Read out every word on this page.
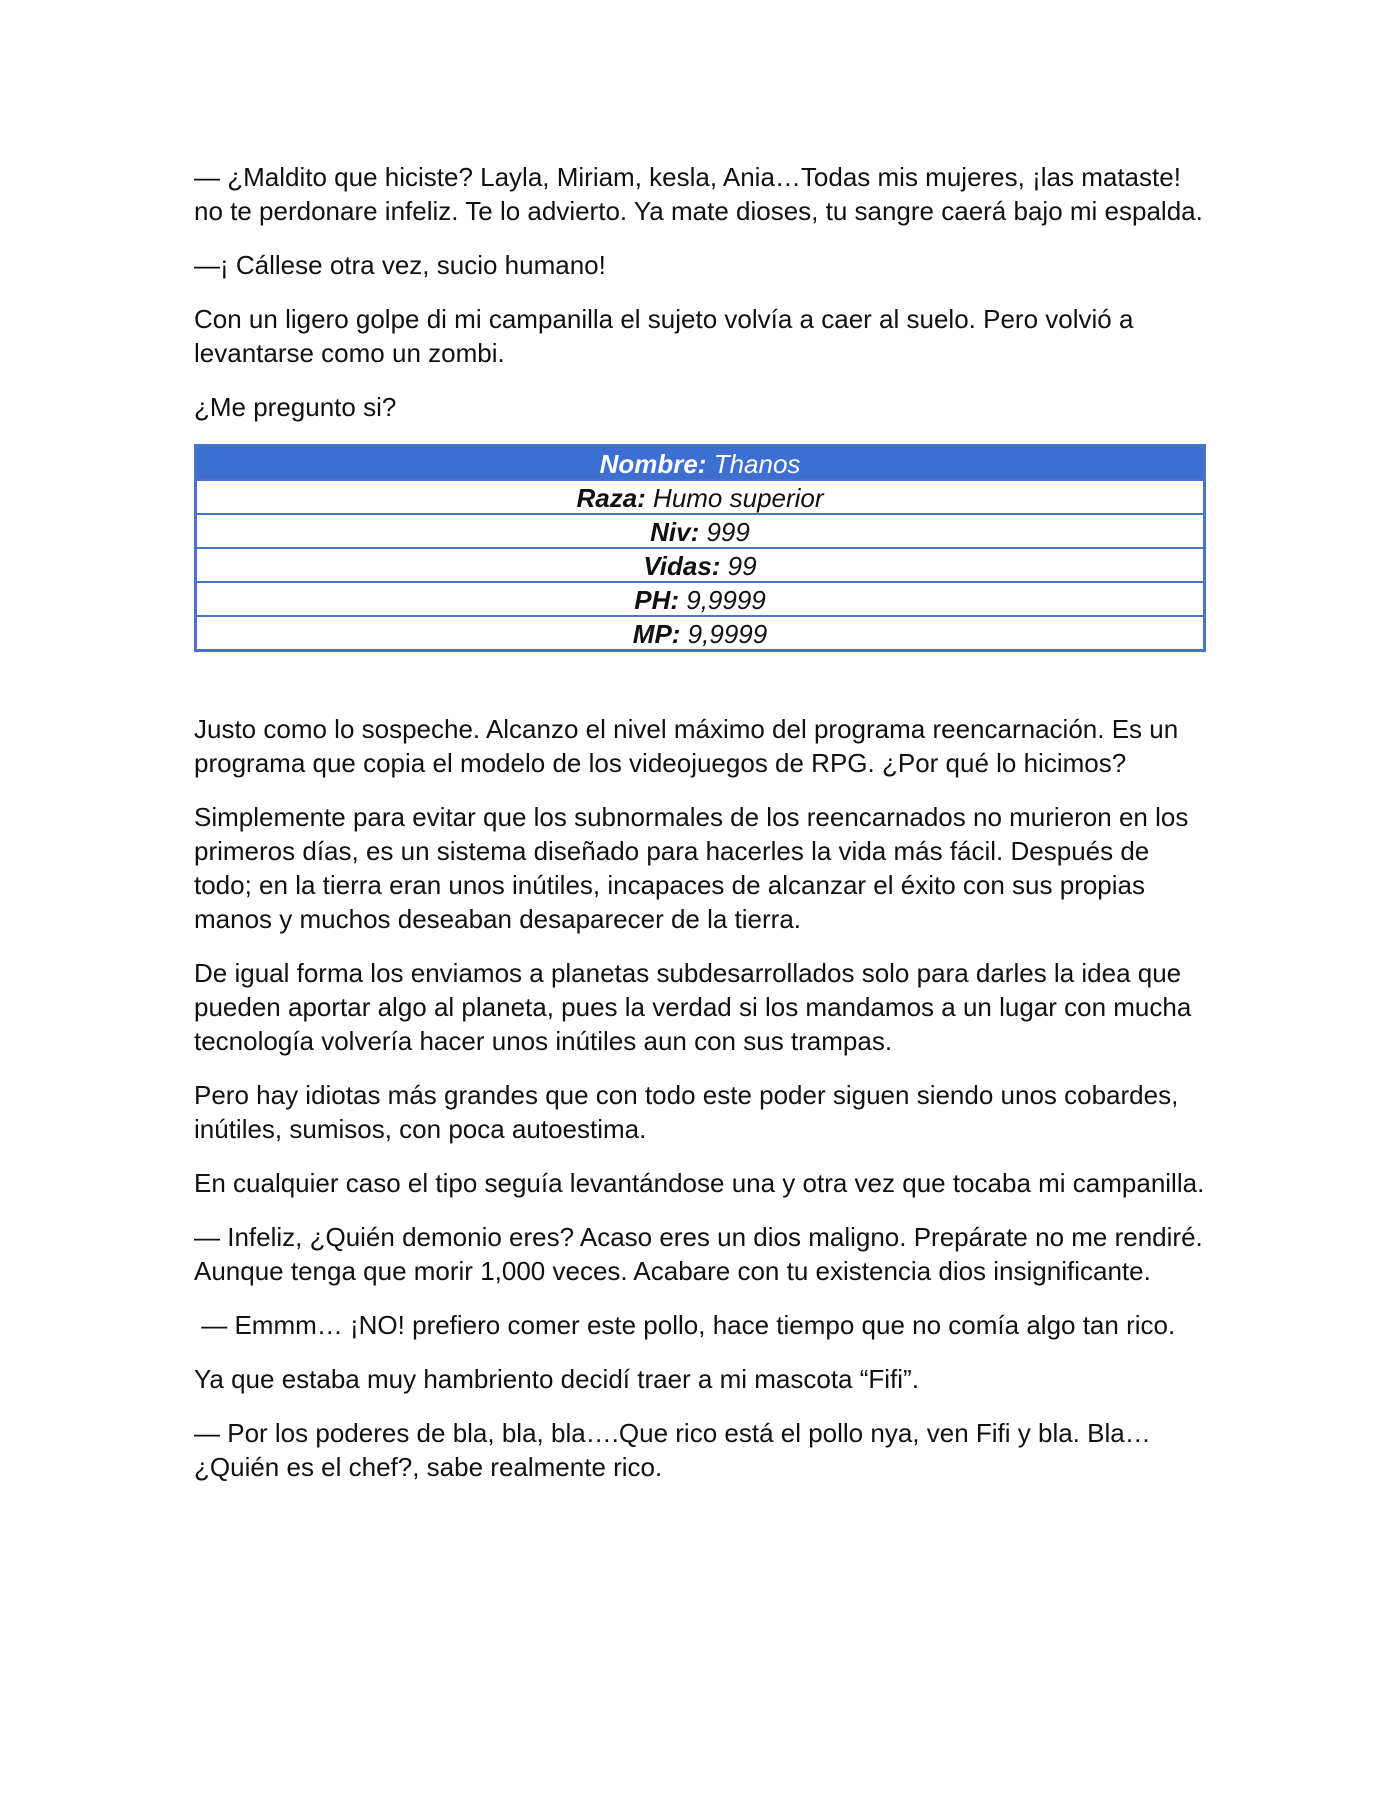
— ¿Maldito que hiciste? Layla, Miriam, kesla, Ania…Todas mis mujeres, ¡las mataste! no te perdonare infeliz. Te lo advierto. Ya mate dioses, tu sangre caerá bajo mi espalda.

—¡ Cállese otra vez, sucio humano!

Con un ligero golpe di mi campanilla el sujeto volvía a caer al suelo. Pero volvió a levantarse como un zombi.

¿Me pregunto si?

Nombre: Thanos
Raza: Humo superior
Niv: 999
Vidas: 99
PH: 9,9999
MP: 9,9999

Justo como lo sospeche. Alcanzo el nivel máximo del programa reencarnación. Es un programa que copia el modelo de los videojuegos de RPG. ¿Por qué lo hicimos?

Simplemente para evitar que los subnormales de los reencarnados no murieron en los primeros días, es un sistema diseñado para hacerles la vida más fácil. Después de todo; en la tierra eran unos inútiles, incapaces de alcanzar el éxito con sus propias manos y muchos deseaban desaparecer de la tierra.

De igual forma los enviamos a planetas subdesarrollados solo para darles la idea que pueden aportar algo al planeta, pues la verdad si los mandamos a un lugar con mucha tecnología volvería hacer unos inútiles aun con sus trampas.

Pero hay idiotas más grandes que con todo este poder siguen siendo unos cobardes, inútiles, sumisos, con poca autoestima.

En cualquier caso el tipo seguía levantándose una y otra vez que tocaba mi campanilla.

— Infeliz, ¿Quién demonio eres? Acaso eres un dios maligno. Prepárate no me rendiré. Aunque tenga que morir 1,000 veces. Acabare con tu existencia dios insignificante.

— Emmm… ¡NO! prefiero comer este pollo, hace tiempo que no comía algo tan rico.

Ya que estaba muy hambriento decidí traer a mi mascota “Fifi”.

— Por los poderes de bla, bla, bla….Que rico está el pollo nya, ven Fifi y bla. Bla… ¿Quién es el chef?, sabe realmente rico.
